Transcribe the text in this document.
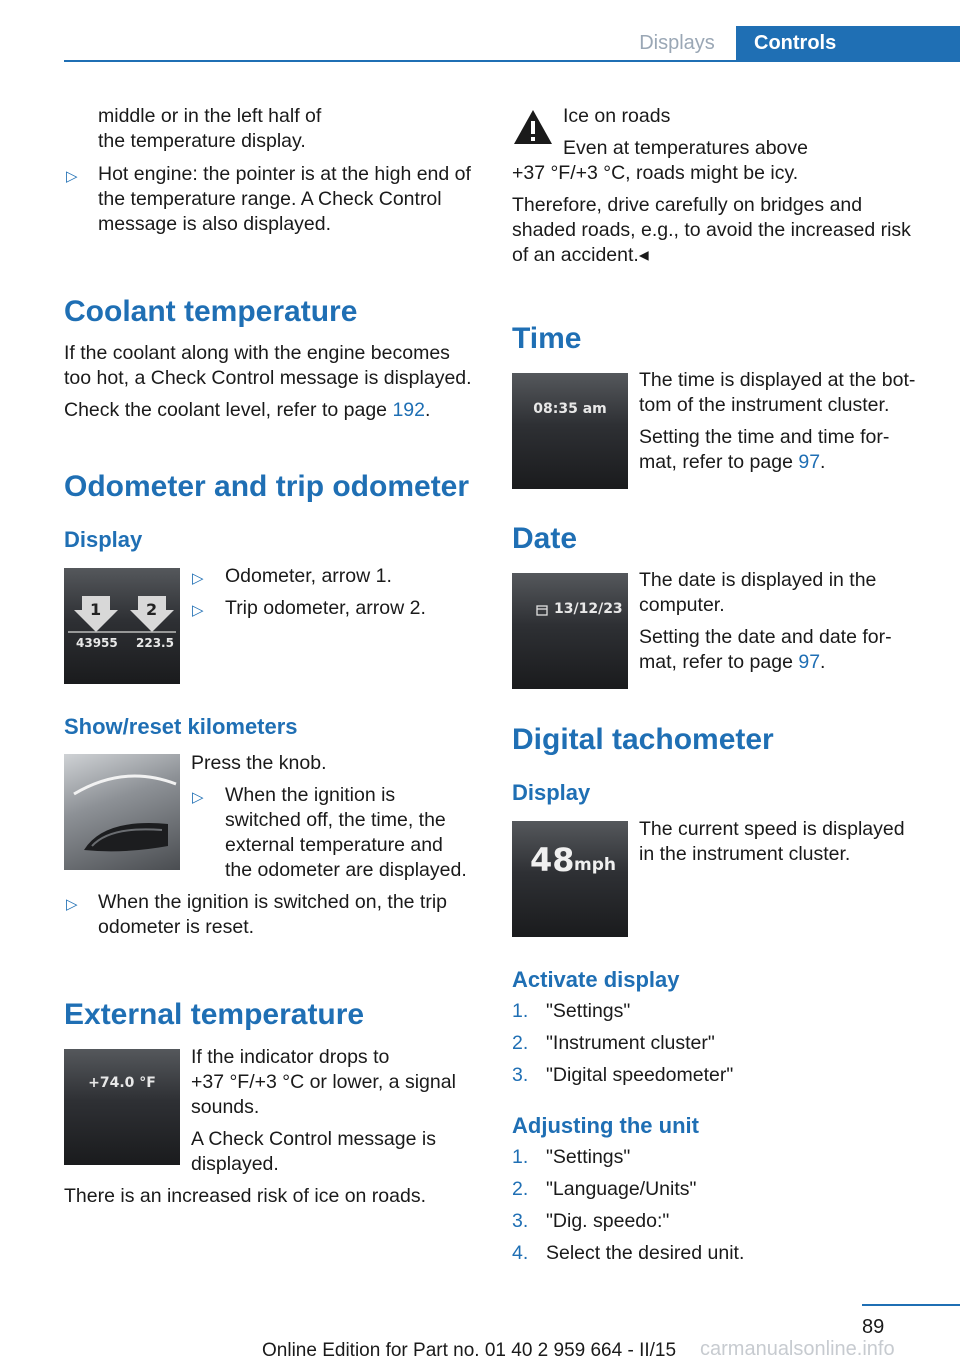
Displays	Controls
middle or in the left half of
the temperature display.
▷ Hot engine: the pointer is at the high end of
the temperature range. A Check Control
message is also displayed.
Coolant temperature
If the coolant along with the engine becomes
too hot, a Check Control message is displayed.
Check the coolant level, refer to page 192.
Odometer and trip odometer
Display
1	2
43955 223.5
▷ Odometer, arrow 1.
▷ Trip odometer, arrow 2.
Show/reset kilometers
Press the knob.
▷ When the ignition is
switched off, the time, the
external temperature and
the odometer are displayed.
▷ When the ignition is switched on, the trip
odometer is reset.
External temperature
+74.0 °F
If the indicator drops to
+37 °F/+3 °C or lower, a signal
sounds.
A Check Control message is
displayed.
There is an increased risk of ice on roads.
Ice on roads
Even at temperatures above
+37 °F/+3 °C, roads might be icy.
Therefore, drive carefully on bridges and
shaded roads, e.g., to avoid the increased risk
of an accident.◂
Time
08:35 am
The time is displayed at the bot‐
tom of the instrument cluster.
Setting the time and time for‐
mat, refer to page 97.
Date
13/12/23
The date is displayed in the
computer.
Setting the date and date for‐
mat, refer to page 97.
Digital tachometer
Display
48 mph
The current speed is displayed
in the instrument cluster.
Activate display
1. "Settings"
2. "Instrument cluster"
3. "Digital speedometer"
Adjusting the unit
1. "Settings"
2. "Language/Units"
3. "Dig. speedo:"
4. Select the desired unit.
89
carmanualsonline.info
Online Edition for Part no. 01 40 2 959 664 - II/15
